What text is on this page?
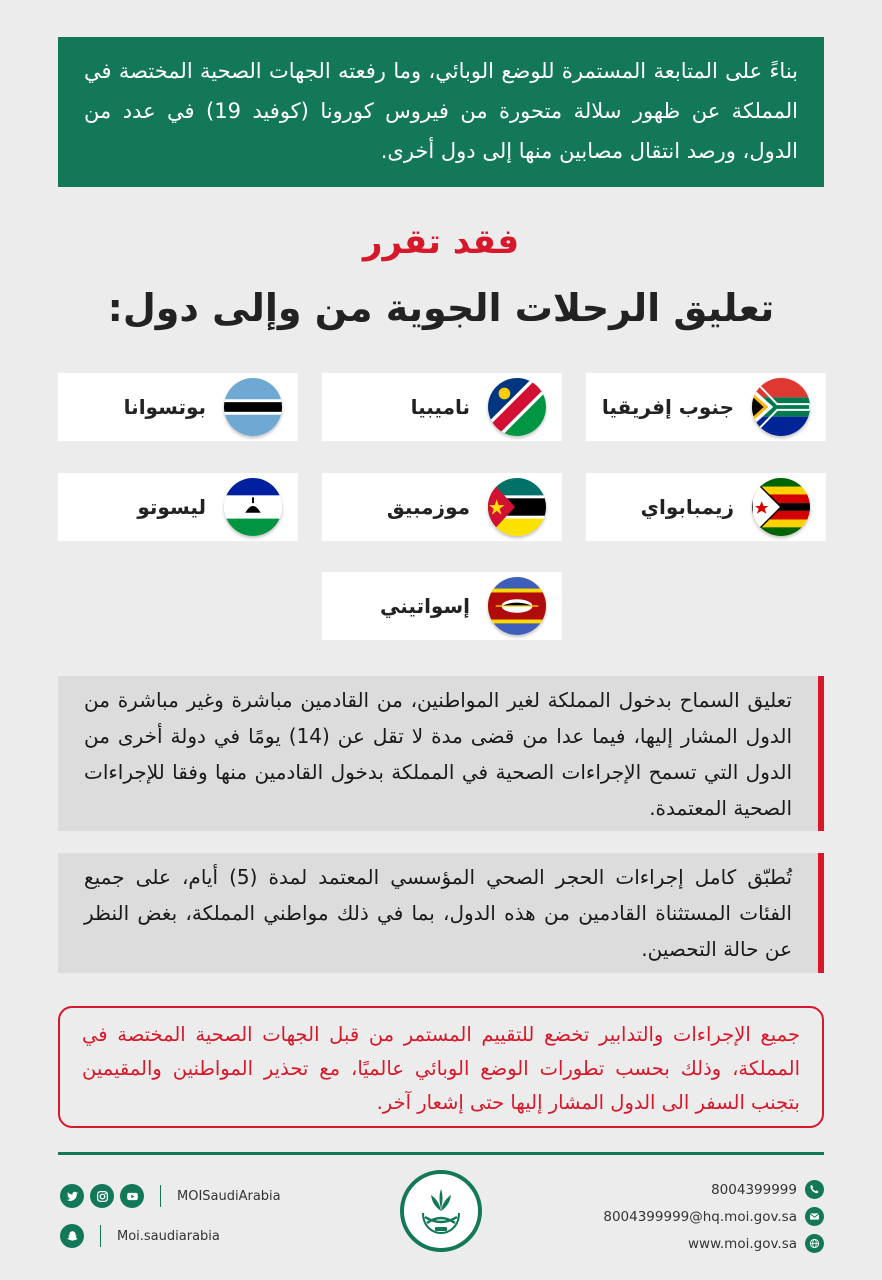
بناءً على المتابعة المستمرة للوضع الوبائي، وما رفعته الجهات الصحية المختصة في المملكة عن ظهور سلالة متحورة من فيروس كورونا (كوفيد 19) في عدد من الدول، ورصد انتقال مصابين منها إلى دول أخرى.

فقد تقرر
تعليق الرحلات الجوية من وإلى دول:
جنوب إفريقيا
ناميبيا
بوتسوانا
زيمبابواي
موزمبيق
ليسوتو
إسواتيني

تعليق السماح بدخول المملكة لغير المواطنين، من القادمين مباشرة وغير مباشرة من الدول المشار إليها، فيما عدا من قضى مدة لا تقل عن (14) يومًا في دولة أخرى من الدول التي تسمح الإجراءات الصحية في المملكة بدخول القادمين منها وفقا للإجراءات الصحية المعتمدة.

تُطبّق كامل إجراءات الحجر الصحي المؤسسي المعتمد لمدة (5) أيام، على جميع الفئات المستثناة القادمين من هذه الدول، بما في ذلك مواطني المملكة، بغض النظر عن حالة التحصين.

جميع الإجراءات والتدابير تخضع للتقييم المستمر من قبل الجهات الصحية المختصة في المملكة، وذلك بحسب تطورات الوضع الوبائي عالميًا، مع تحذير المواطنين والمقيمين بتجنب السفر الى الدول المشار إليها حتى إشعار آخر.

MOISaudiArabia
Moi.saudiarabia
8004399999
8004399999@hq.moi.gov.sa
www.moi.gov.sa
